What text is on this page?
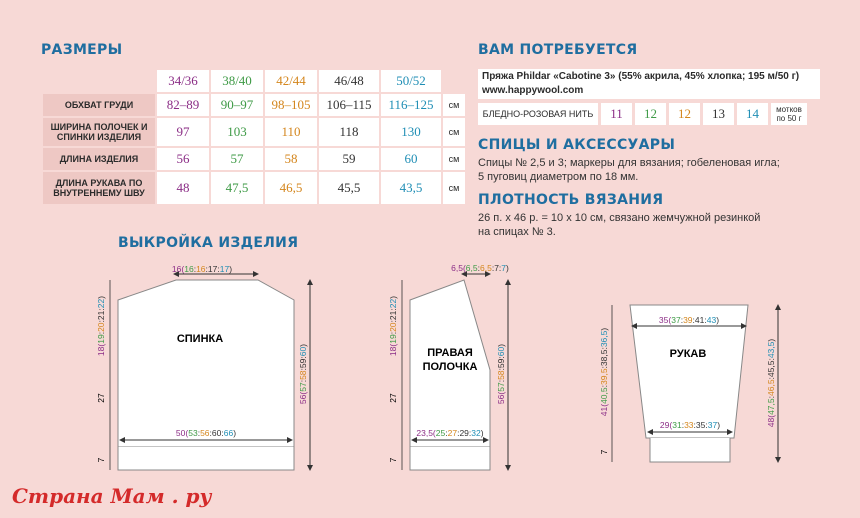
РАЗМЕРЫ
	34/36	38/40	42/44	46/48	50/52	
ОБХВАТ ГРУДИ	82–89	90–97	98–105	106–115	116–125	см
ШИРИНА ПОЛОЧЕК И СПИНКИ ИЗДЕЛИЯ	97	103	110	118	130	см
ДЛИНА ИЗДЕЛИЯ	56	57	58	59	60	см
ДЛИНА РУКАВА ПО ВНУТРЕННЕМУ ШВУ	48	47,5	46,5	45,5	43,5	см
ВАМ ПОТРЕБУЕТСЯ
Пряжа Phildar «Cabotine 3» (55% акрила, 45% хлопка; 195 м/50 г)
www.happywool.com
БЛЕДНО-РОЗОВАЯ НИТЬ	11	12	12	13	14	мотков по 50 г
СПИЦЫ И АКСЕССУАРЫ
Спицы № 2,5 и 3; маркеры для вязания; гобеленовая игла;
5 пуговиц диаметром по 18 мм.
ПЛОТНОСТЬ ВЯЗАНИЯ
26 п. х 46 р. = 10 х 10 см, связано жемчужной резинкой
на спицах № 3.
ВЫКРОЙКА ИЗДЕЛИЯ
СПИНКА
16(16:16:17:17)
18(19:20:21:22)
27
7
56(57:58:59:60)
50(53:56:60:66)
ПРАВАЯ
ПОЛОЧКА
6,5(6,5:6,5:7:7)
18(19:20:21:22)
27
7
56(57:58:59:60)
23,5(25:27:29:32)
РУКАВ
35(37:39:41:43)
41(40,5:39,5:38,5:36,5)
7
48(47,5:46,5:45,5:43,5)
29(31:33:35:37)
Страна Мам . ру
